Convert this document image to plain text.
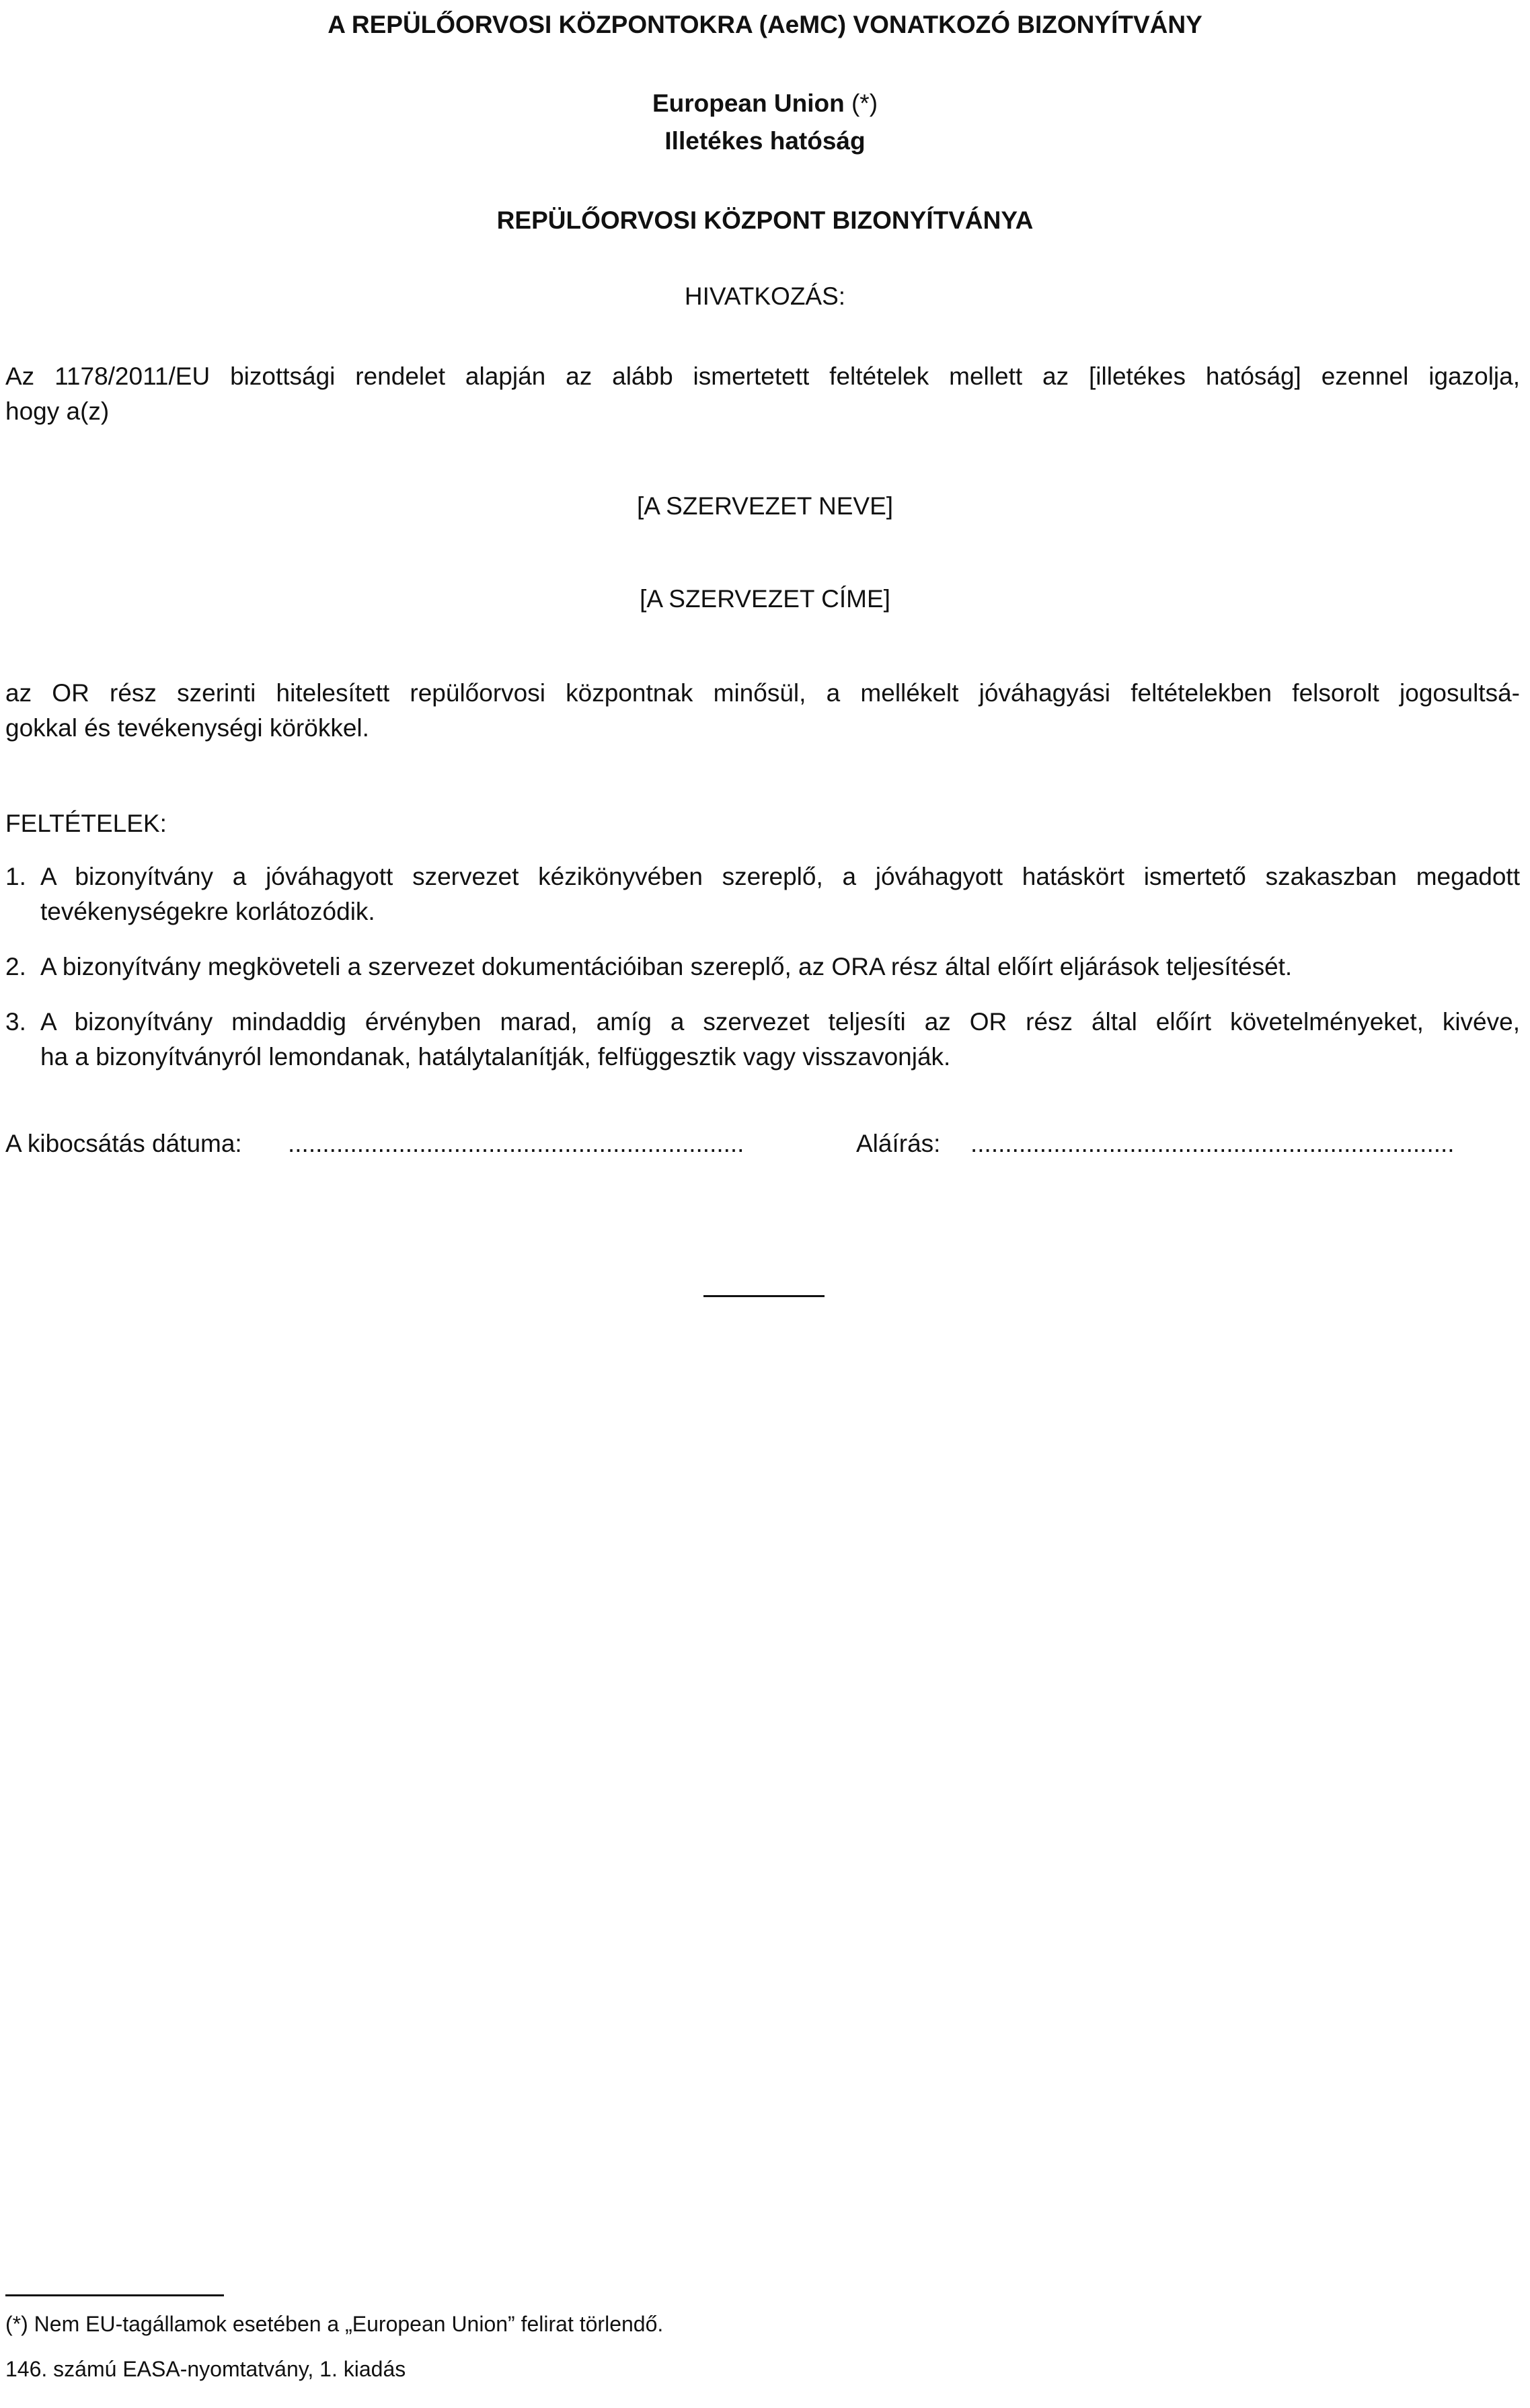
A REPÜLŐORVOSI KÖZPONTOKRA (AeMC) VONATKOZÓ BIZONYÍTVÁNY
European Union (*)
Illetékes hatóság
REPÜLŐORVOSI KÖZPONT BIZONYÍTVÁNYA
HIVATKOZÁS:
Az 1178/2011/EU bizottsági rendelet alapján az alább ismertetett feltételek mellett az [illetékes hatóság] ezennel igazolja,
hogy a(z)
[A SZERVEZET NEVE]
[A SZERVEZET CÍME]
az OR rész szerinti hitelesített repülőorvosi központnak minősül, a mellékelt jóváhagyási feltételekben felsorolt jogosultsá-
gokkal és tevékenységi körökkel.
FELTÉTELEK:
1. A bizonyítvány a jóváhagyott szervezet kézikönyvében szereplő, a jóváhagyott hatáskört ismertető szakaszban megadott
tevékenységekre korlátozódik.
2. A bizonyítvány megköveteli a szervezet dokumentációiban szereplő, az ORA rész által előírt eljárások teljesítését.
3. A bizonyítvány mindaddig érvényben marad, amíg a szervezet teljesíti az OR rész által előírt követelményeket, kivéve,
ha a bizonyítványról lemondanak, hatálytalanítják, felfüggesztik vagy visszavonják.
A kibocsátás dátuma: ..................................................................	Aláírás: ......................................................................
(*) Nem EU-tagállamok esetében a „European Union” felirat törlendő.
146. számú EASA-nyomtatvány, 1. kiadás
